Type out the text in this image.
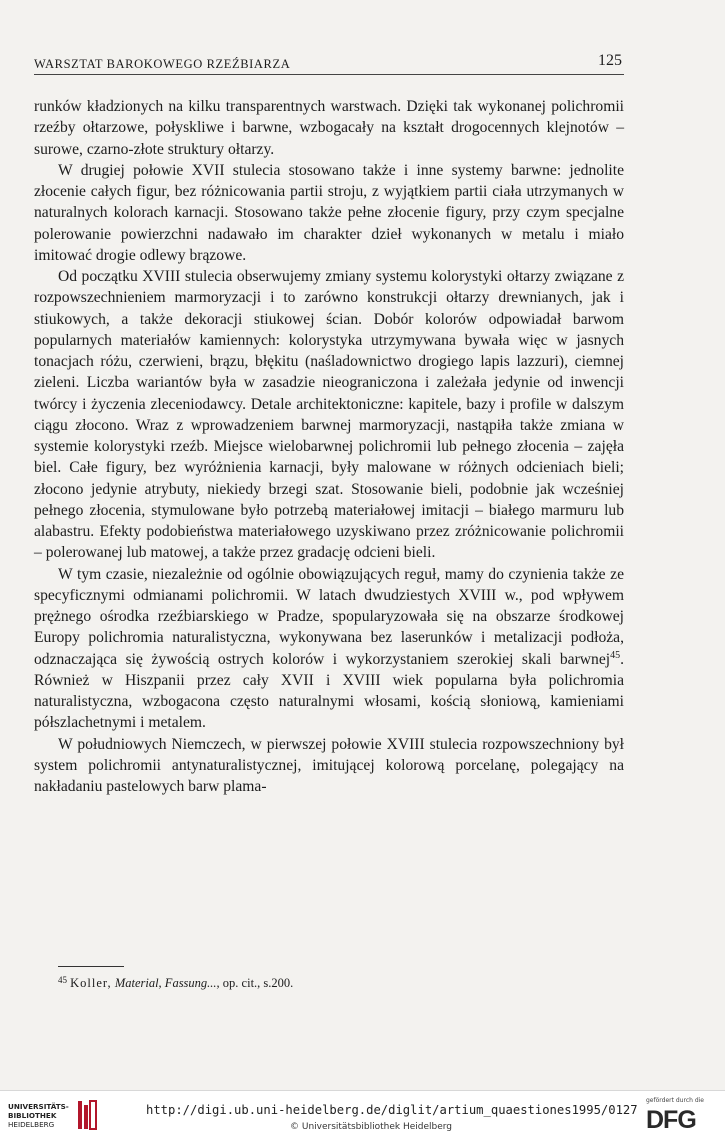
WARSZTAT BAROKOWEGO RZEŹBIARZA	125

runków kładzionych na kilku transparentnych warstwach. Dzięki tak wykonanej polichromii rzeźby ołtarzowe, połyskliwe i barwne, wzbogacały na kształt drogocennych klejnotów – surowe, czarno-złote struktury ołtarzy.

W drugiej połowie XVII stulecia stosowano także i inne systemy barwne: jednolite złocenie całych figur, bez różnicowania partii stroju, z wyjątkiem partii ciała utrzymanych w naturalnych kolorach karnacji. Stosowano także pełne złocenie figury, przy czym specjalne polerowanie powierzchni nadawało im charakter dzieł wykonanych w metalu i miało imitować drogie odlewy brązowe.

Od początku XVIII stulecia obserwujemy zmiany systemu kolorystyki ołtarzy związane z rozpowszechnieniem marmoryzacji i to zarówno konstrukcji ołtarzy drewnianych, jak i stiukowych, a także dekoracji stiukowej ścian. Dobór kolorów odpowiadał barwom popularnych materiałów kamiennych: kolorystyka utrzymywana bywała więc w jasnych tonacjach różu, czerwieni, brązu, błękitu (naśladownictwo drogiego lapis lazzuri), ciemnej zieleni. Liczba wariantów była w zasadzie nieograniczona i zależała jedynie od inwencji twórcy i życzenia zleceniodawcy. Detale architektoniczne: kapitele, bazy i profile w dalszym ciągu złocono. Wraz z wprowadzeniem barwnej marmoryzacji, nastąpiła także zmiana w systemie kolorystyki rzeźb. Miejsce wielobarwnej polichromii lub pełnego złocenia – zajęła biel. Całe figury, bez wyróżnienia karnacji, były malowane w różnych odcieniach bieli; złocono jedynie atrybuty, niekiedy brzegi szat. Stosowanie bieli, podobnie jak wcześniej pełnego złocenia, stymulowane było potrzebą materiałowej imitacji – białego marmuru lub alabastru. Efekty podobieństwa materiałowego uzyskiwano przez zróżnicowanie polichromii – polerowanej lub matowej, a także przez gradację odcieni bieli.

W tym czasie, niezależnie od ogólnie obowiązujących reguł, mamy do czynienia także ze specyficznymi odmianami polichromii. W latach dwudziestych XVIII w., pod wpływem prężnego ośrodka rzeźbiarskiego w Pradze, spopularyzowała się na obszarze środkowej Europy polichromia naturalistyczna, wykonywana bez laserunków i metalizacji podłoża, odznaczająca się żywością ostrych kolorów i wykorzystaniem szerokiej skali barwnej$^{45}$. Również w Hiszpanii przez cały XVII i XVIII wiek popularna była polichromia naturalistyczna, wzbogacona często naturalnymi włosami, kością słoniową, kamieniami półszlachetnymi i metalem.

W południowych Niemczech, w pierwszej połowie XVIII stulecia rozpowszechniony był system polichromii antynaturalistycznej, imitującej kolorową porcelanę, polegający na nakładaniu pastelowych barw plama-

$^{45}$ Koller, Material, Fassung..., op. cit., s.200.
UNIVERSITÄTS-
BIBLIOTHEK
HEIDELBERG
http://digi.ub.uni-heidelberg.de/diglit/artium_quaestiones1995/0127
© Universitätsbibliothek Heidelberg
gefördert durch die
DFG
